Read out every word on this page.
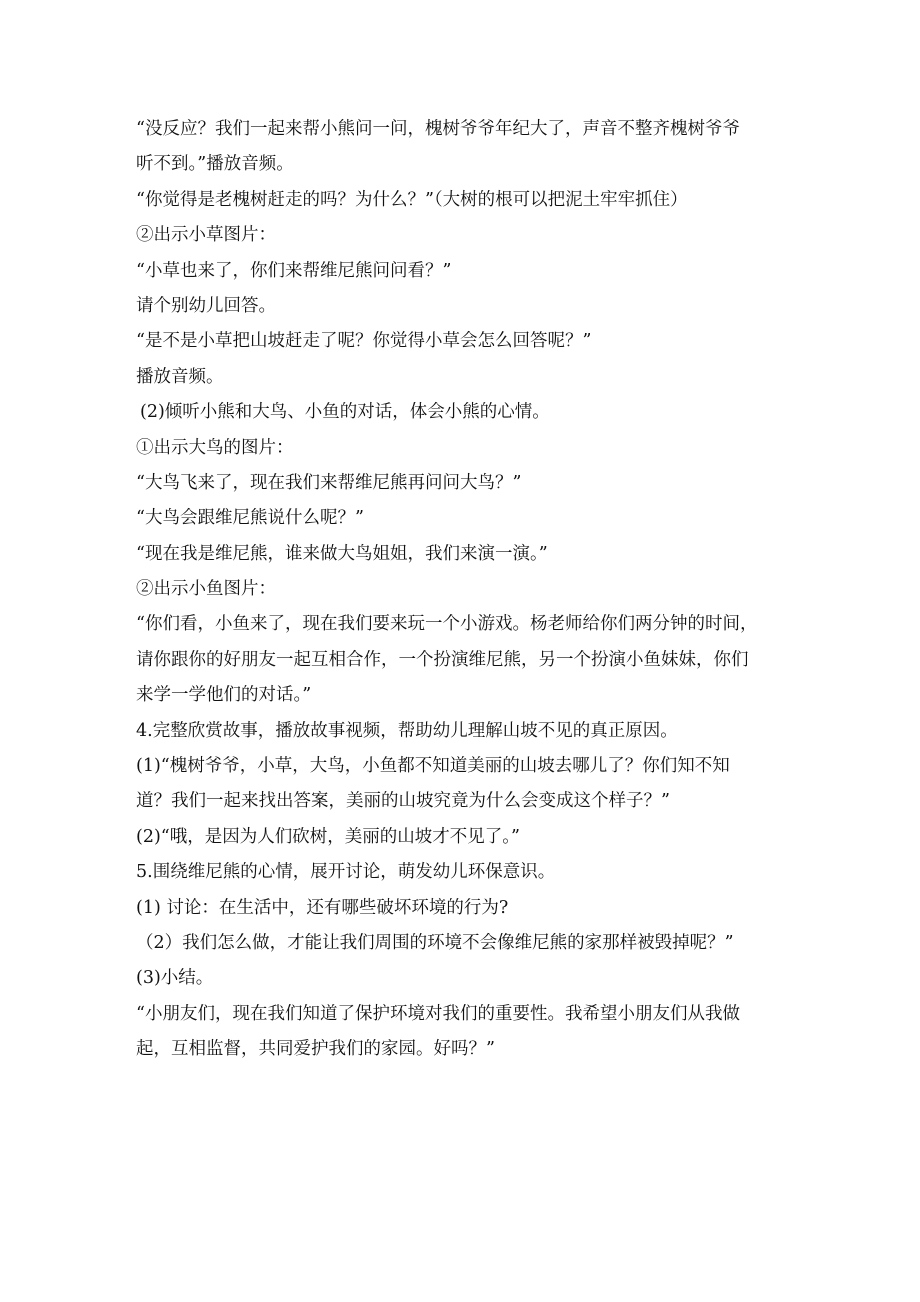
“没反应？我们一起来帮小熊问一问，槐树爷爷年纪大了，声音不整齐槐树爷爷
听不到。”播放音频。
“你觉得是老槐树赶走的吗？为什么？”（大树的根可以把泥土牢牢抓住）
②出示小草图片：
“小草也来了，你们来帮维尼熊问问看？”
请个别幼儿回答。
“是不是小草把山坡赶走了呢？你觉得小草会怎么回答呢？”
播放音频。
(2)倾听小熊和大鸟、小鱼的对话，体会小熊的心情。
①出示大鸟的图片：
“大鸟飞来了，现在我们来帮维尼熊再问问大鸟？”
“大鸟会跟维尼熊说什么呢？”
“现在我是维尼熊，谁来做大鸟姐姐，我们来演一演。”
②出示小鱼图片：
“你们看，小鱼来了，现在我们要来玩一个小游戏。杨老师给你们两分钟的时间，
请你跟你的好朋友一起互相合作，一个扮演维尼熊，另一个扮演小鱼妹妹，你们
来学一学他们的对话。”
4.完整欣赏故事，播放故事视频，帮助幼儿理解山坡不见的真正原因。
(1)“槐树爷爷，小草，大鸟，小鱼都不知道美丽的山坡去哪儿了？你们知不知
道？我们一起来找出答案，美丽的山坡究竟为什么会变成这个样子？”
(2)“哦，是因为人们砍树，美丽的山坡才不见了。”
5.围绕维尼熊的心情，展开讨论，萌发幼儿环保意识。
(1) 讨论：在生活中，还有哪些破坏环境的行为?
（2）我们怎么做，才能让我们周围的环境不会像维尼熊的家那样被毁掉呢？”
(3)小结。
“小朋友们，现在我们知道了保护环境对我们的重要性。我希望小朋友们从我做
起，互相监督，共同爱护我们的家园。好吗？”
